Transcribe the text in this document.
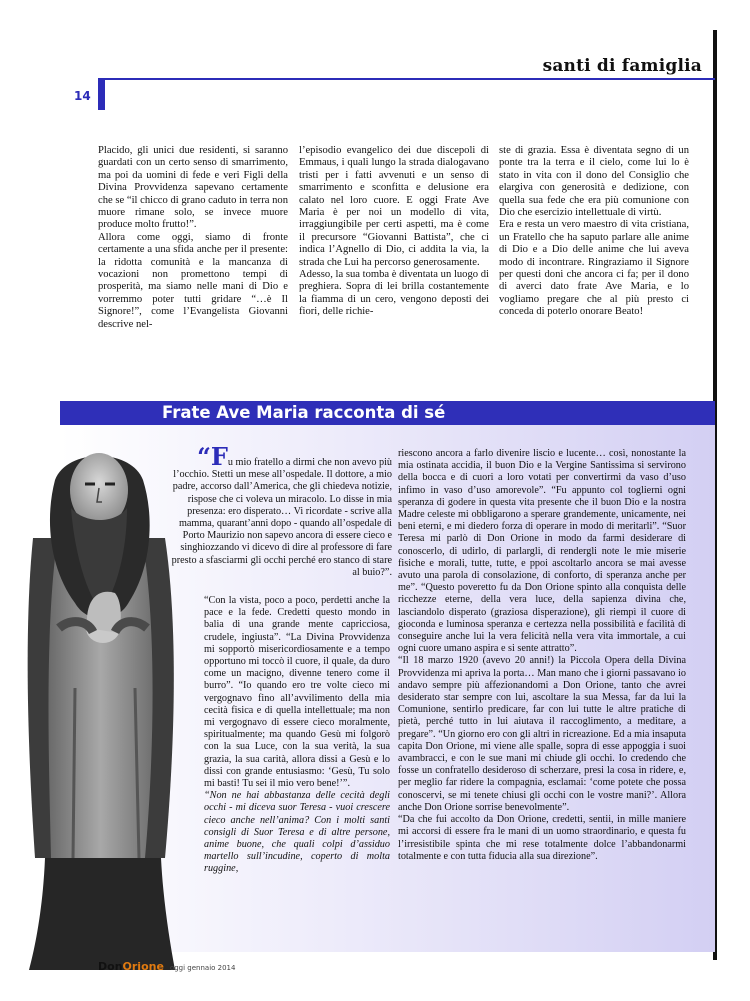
santi di famiglia
14

Placido, gli unici due residenti, si saranno guardati con un certo senso di smarrimento, ma poi da uomini di fede e veri Figli della Divina Provvidenza sapevano certamente che se “il chicco di grano caduto in terra non muore rimane solo, se invece muore produce molto frutto!”.

Allora come oggi, siamo di fronte certamente a una sfida anche per il presente: la ridotta comunità e la mancanza di vocazioni non promettono tempi di prosperità, ma siamo nelle mani di Dio e vorremmo poter tutti gridare “…è Il Signore!”, come l’Evangelista Giovanni descrive nel-

l’episodio evangelico dei due discepoli di Emmaus, i quali lungo la strada dialogavano tristi per i fatti avvenuti e un senso di smarrimento e sconfitta e delusione era calato nel loro cuore. E oggi Frate Ave Maria è per noi un modello di vita, irraggiungibile per certi aspetti, ma è come il precursore “Giovanni Battista”, che ci indica l’Agnello di Dio, ci addita la via, la strada che Lui ha percorso generosamente.

Adesso, la sua tomba è diventata un luogo di preghiera. Sopra di lei brilla costantemente la fiamma di un cero, vengono deposti dei fiori, delle richie-

ste di grazia. Essa è diventata segno di un ponte tra la terra e il cielo, come lui lo è stato in vita con il dono del Consiglio che elargiva con generosità e dedizione, con quella sua fede che era più comunione con Dio che esercizio intellettuale di virtù.

Era e resta un vero maestro di vita cristiana, un Fratello che ha saputo parlare alle anime di Dio e a Dio delle anime che lui aveva modo di incontrare. Ringraziamo il Signore per questi doni che ancora ci fa; per il dono di averci dato frate Ave Maria, e lo vogliamo pregare che al più presto ci conceda di poterlo onorare Beato!

Frate Ave Maria racconta di sé

“Fu mio fratello a dirmi che non avevo più l’occhio. Stetti un mese all’ospedale. Il dottore, a mio padre, accorso dall’America, che gli chiedeva notizie, rispose che ci voleva un miracolo. Lo disse in mia presenza: ero disperato… Vi ricordate - scrive alla mamma, quarant’anni dopo - quando all’ospedale di Porto Maurizio non sapevo ancora di essere cieco e singhiozzando vi dicevo di dire al professore di fare presto a sfasciarmi gli occhi perché ero stanco di stare al buio?”.

“Con la vista, poco a poco, perdetti anche la pace e la fede. Credetti questo mondo in balia di una grande mente capricciosa, crudele, ingiusta”. “La Divina Provvidenza mi sopportò misericordiosamente e a tempo opportuno mi toccò il cuore, il quale, da duro come un macigno, divenne tenero come il burro”. “Io quando ero tre volte cieco mi vergognavo fino all’avvilimento della mia cecità fisica e di quella intellettuale; ma non mi vergognavo di essere cieco moralmente, spiritualmente; ma quando Gesù mi folgorò con la sua Luce, con la sua verità, la sua grazia, la sua carità, allora dissi a Gesù e lo dissi con grande entusiasmo: ‘Gesù, Tu solo mi basti! Tu sei il mio vero bene!’”.

“Non ne hai abbastanza delle cecità degli occhi - mi diceva suor Teresa - vuoi crescere cieco anche nell’anima? Con i molti santi consigli di Suor Teresa e di altre persone, anime buone, che quali colpi d’assiduo martello sull’incudine, coperto di molta ruggine,

riescono ancora a farlo divenire liscio e lucente… così, nonostante la mia ostinata accidia, il buon Dio e la Vergine Santissima si servirono della bocca e di cuori a loro votati per convertirmi da vaso d’uso infimo in vaso d’uso amorevole”. “Fu appunto col toglierni ogni speranza di godere in questa vita presente che il buon Dio e la nostra Madre celeste mi obbligarono a sperare grandemente, unicamente, nei beni eterni, e mi diedero forza di operare in modo di meritarli”. “Suor Teresa mi parlò di Don Orione in modo da farmi desiderare di conoscerlo, di udirlo, di parlargli, di rendergli note le mie miserie fisiche e morali, tutte, tutte, e ppoi ascoltarlo ancora se mai avesse avuto una parola di consolazione, di conforto, di speranza anche per me”. “Questo poveretto fu da Don Orione spinto alla conquista delle ricchezze eterne, della vera luce, della sapienza divina che, lasciandolo disperato (graziosa disperazione), gli riempì il cuore di gioconda e luminosa speranza e certezza nella possibilità e facilità di conseguire anche lui la vera felicità nella vera vita immortale, a cui ogni cuore umano aspira e si sente attratto”.

“Il 18 marzo 1920 (avevo 20 anni!) la Piccola Opera della Divina Provvidenza mi apriva la porta… Man mano che i giorni passavano io andavo sempre più affezionandomi a Don Orione, tanto che avrei desiderato star sempre con lui, ascoltare la sua Messa, far da lui la Comunione, sentirlo predicare, far con lui tutte le altre pratiche di pietà, perché tutto in lui aiutava il raccoglimento, a meditare, a pregare”. “Un giorno ero con gli altri in ricreazione. Ed a mia insaputa capita Don Orione, mi viene alle spalle, sopra di esse appoggia i suoi avambracci, e con le sue mani mi chiude gli occhi. Io credendo che fosse un confratello desideroso di scherzare, presi la cosa in ridere, e, per meglio far ridere la compagnia, esclamai: ‘come potete che possa conoscervi, se mi tenete chiusi gli occhi con le vostre mani?’. Allora anche Don Orione sorrise benevolmente”.

“Da che fui accolto da Don Orione, credetti, sentii, in mille maniere mi accorsi di essere fra le mani di un uomo straordinario, e questa fu l’irresistibile spinta che mi rese totalmente dolce l’abbandonarmi totalmente e con tutta fiducia alla sua direzione”.

DonOrione oggi gennaio 2014
